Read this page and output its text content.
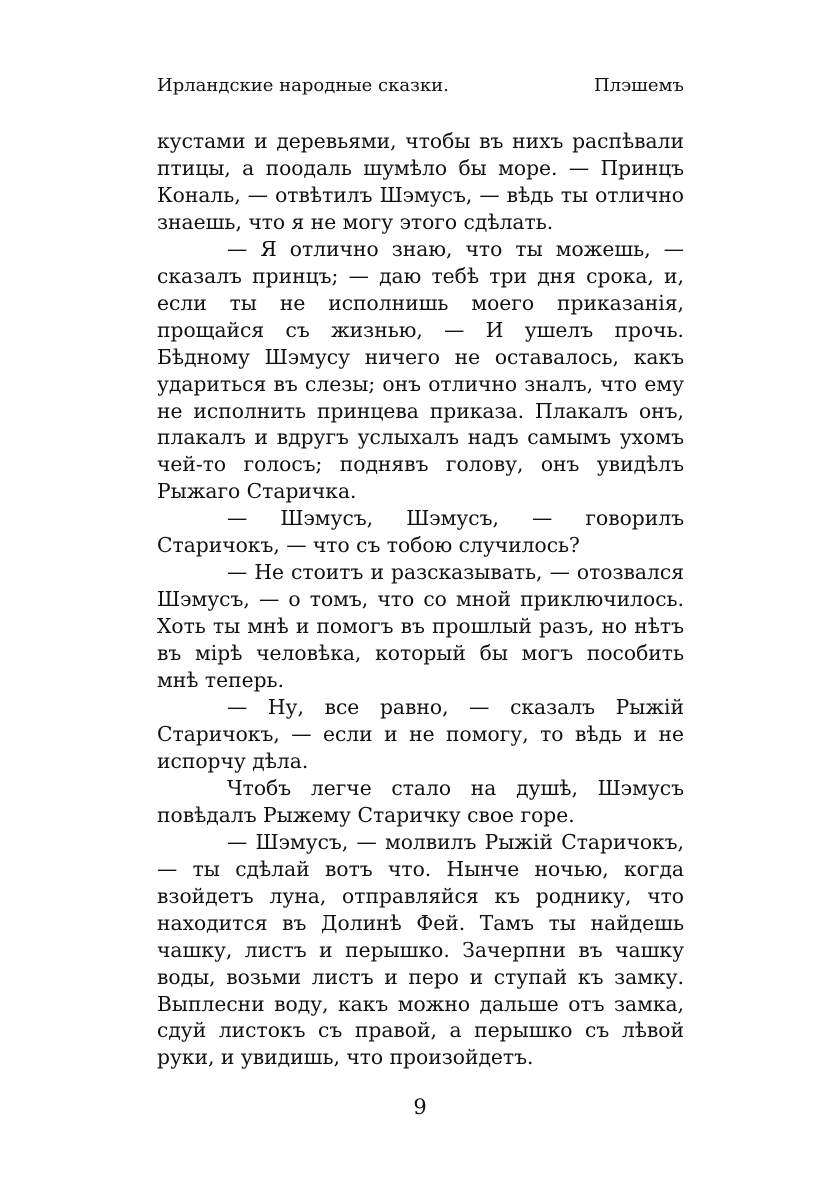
Ирландские народные сказки.	Плэшемъ

кустами и деревьями, чтобы въ нихъ распѣвали птицы, а поодаль шумѣло бы море. — Принцъ Кональ, — отвѣтилъ Шэмусъ, — вѣдь ты отлично знаешь, что я не могу этого сдѣлать.

— Я отлично знаю, что ты можешь, — сказалъ принцъ; — даю тебѣ три дня срока, и, если ты не исполнишь моего приказанія, прощайся съ жизнью, — И ушелъ прочь. Бѣдному Шэмусу ничего не оставалось, какъ удариться въ слезы; онъ отлично зналъ, что ему не исполнить принцева приказа. Плакалъ онъ, плакалъ и вдругъ услыхалъ надъ самымъ ухомъ чей-то голосъ; поднявъ голову, онъ увидѣлъ Рыжаго Старичка.

— Шэмусъ, Шэмусъ, — говорилъ Старичокъ, — что съ тобою случилось?

— Не стоитъ и разсказывать, — отозвался Шэмусъ, — о томъ, что со мной приключилось. Хоть ты мнѣ и помогъ въ прошлый разъ, но нѣтъ въ мірѣ человѣка, который бы могъ пособить мнѣ теперь.

— Ну, все равно, — сказалъ Рыжій Старичокъ, — если и не помогу, то вѣдь и не испорчу дѣла.

Чтобъ легче стало на душѣ, Шэмусъ повѣдалъ Рыжему Старичку свое горе.

— Шэмусъ, — молвилъ Рыжій Старичокъ, — ты сдѣлай вотъ что. Нынче ночью, когда взойдетъ луна, отправляйся къ роднику, что находится въ Долинѣ Фей. Тамъ ты найдешь чашку, листъ и перышко. Зачерпни въ чашку воды, возьми листъ и перо и ступай къ замку. Выплесни воду, какъ можно дальше отъ замка, сдуй листокъ съ правой, а перышко съ лѣвой руки, и увидишь, что произойдетъ.

9
